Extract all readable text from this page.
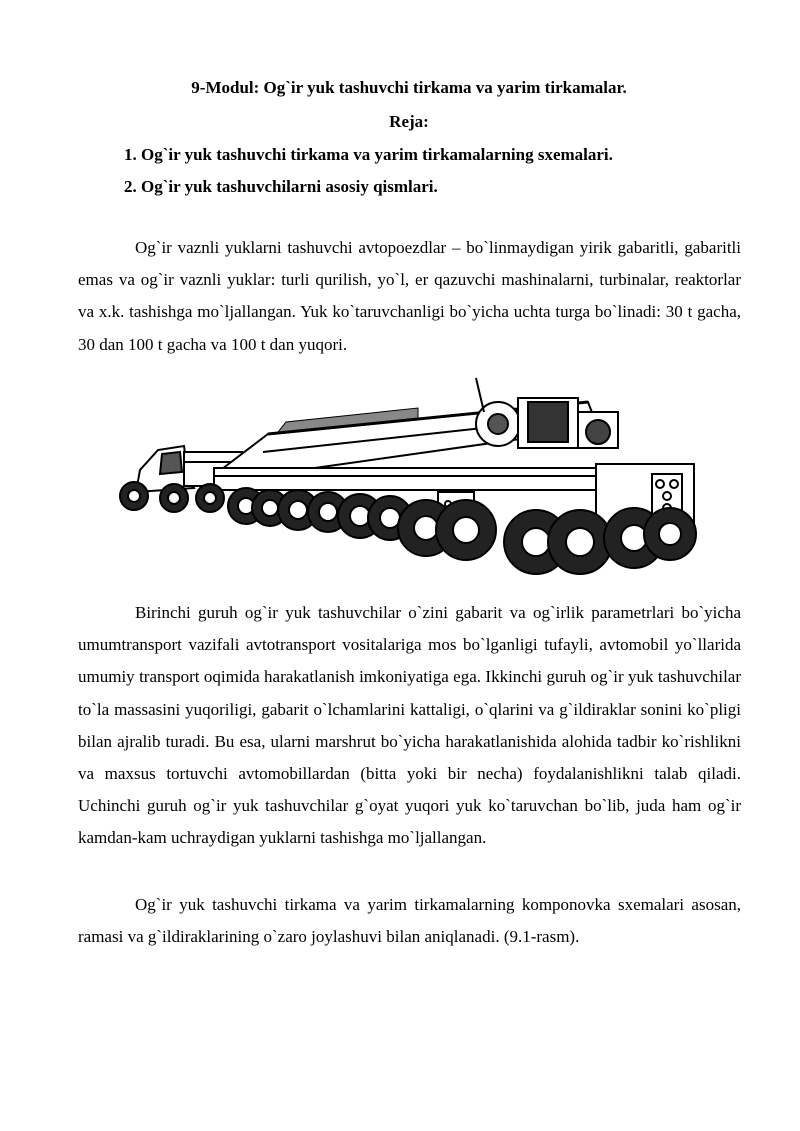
9-Modul: Og`ir yuk tashuvchi tirkama va yarim tirkamalar.
Reja:
1. Og`ir yuk tashuvchi tirkama va yarim tirkamalarning sxemalari.
2. Og`ir yuk tashuvchilarni asosiy qismlari.

Og`ir vaznli yuklarni tashuvchi avtopoezdlar – bo`linmaydigan yirik gabaritli, gabaritli emas va og`ir vaznli yuklar: turli qurilish, yo`l, er qazuvchi mashinalarni, turbinalar, reaktorlar va x.k. tashishga mo`ljallangan. Yuk ko`taruvchanligi bo`yicha uchta turga bo`linadi: 30 t gacha, 30 dan 100 t gacha va 100 t dan yuqori.

Birinchi guruh og`ir yuk tashuvchilar o`zini gabarit va og`irlik parametrlari bo`yicha umumtransport vazifali avtotransport vositalariga mos bo`lganligi tufayli, avtomobil yo`llarida umumiy transport oqimida harakatlanish imkoniyatiga ega. Ikkinchi guruh og`ir yuk tashuvchilar to`la massasini yuqoriligi, gabarit o`lchamlarini kattaligi, o`qlarini va g`ildiraklar sonini ko`pligi bilan ajralib turadi. Bu esa, ularni marshrut bo`yicha harakatlanishida alohida tadbir ko`rishlikni va maxsus tortuvchi avtomobillardan (bitta yoki bir necha) foydalanishlikni talab qiladi. Uchinchi guruh og`ir yuk tashuvchilar g`oyat yuqori yuk ko`taruvchan bo`lib, juda ham og`ir kamdan-kam uchraydigan yuklarni tashishga mo`ljallangan.

Og`ir yuk tashuvchi tirkama va yarim tirkamalarning komponovka sxemalari asosan, ramasi va g`ildiraklarining o`zaro joylashuvi bilan aniqlanadi. (9.1-rasm).
